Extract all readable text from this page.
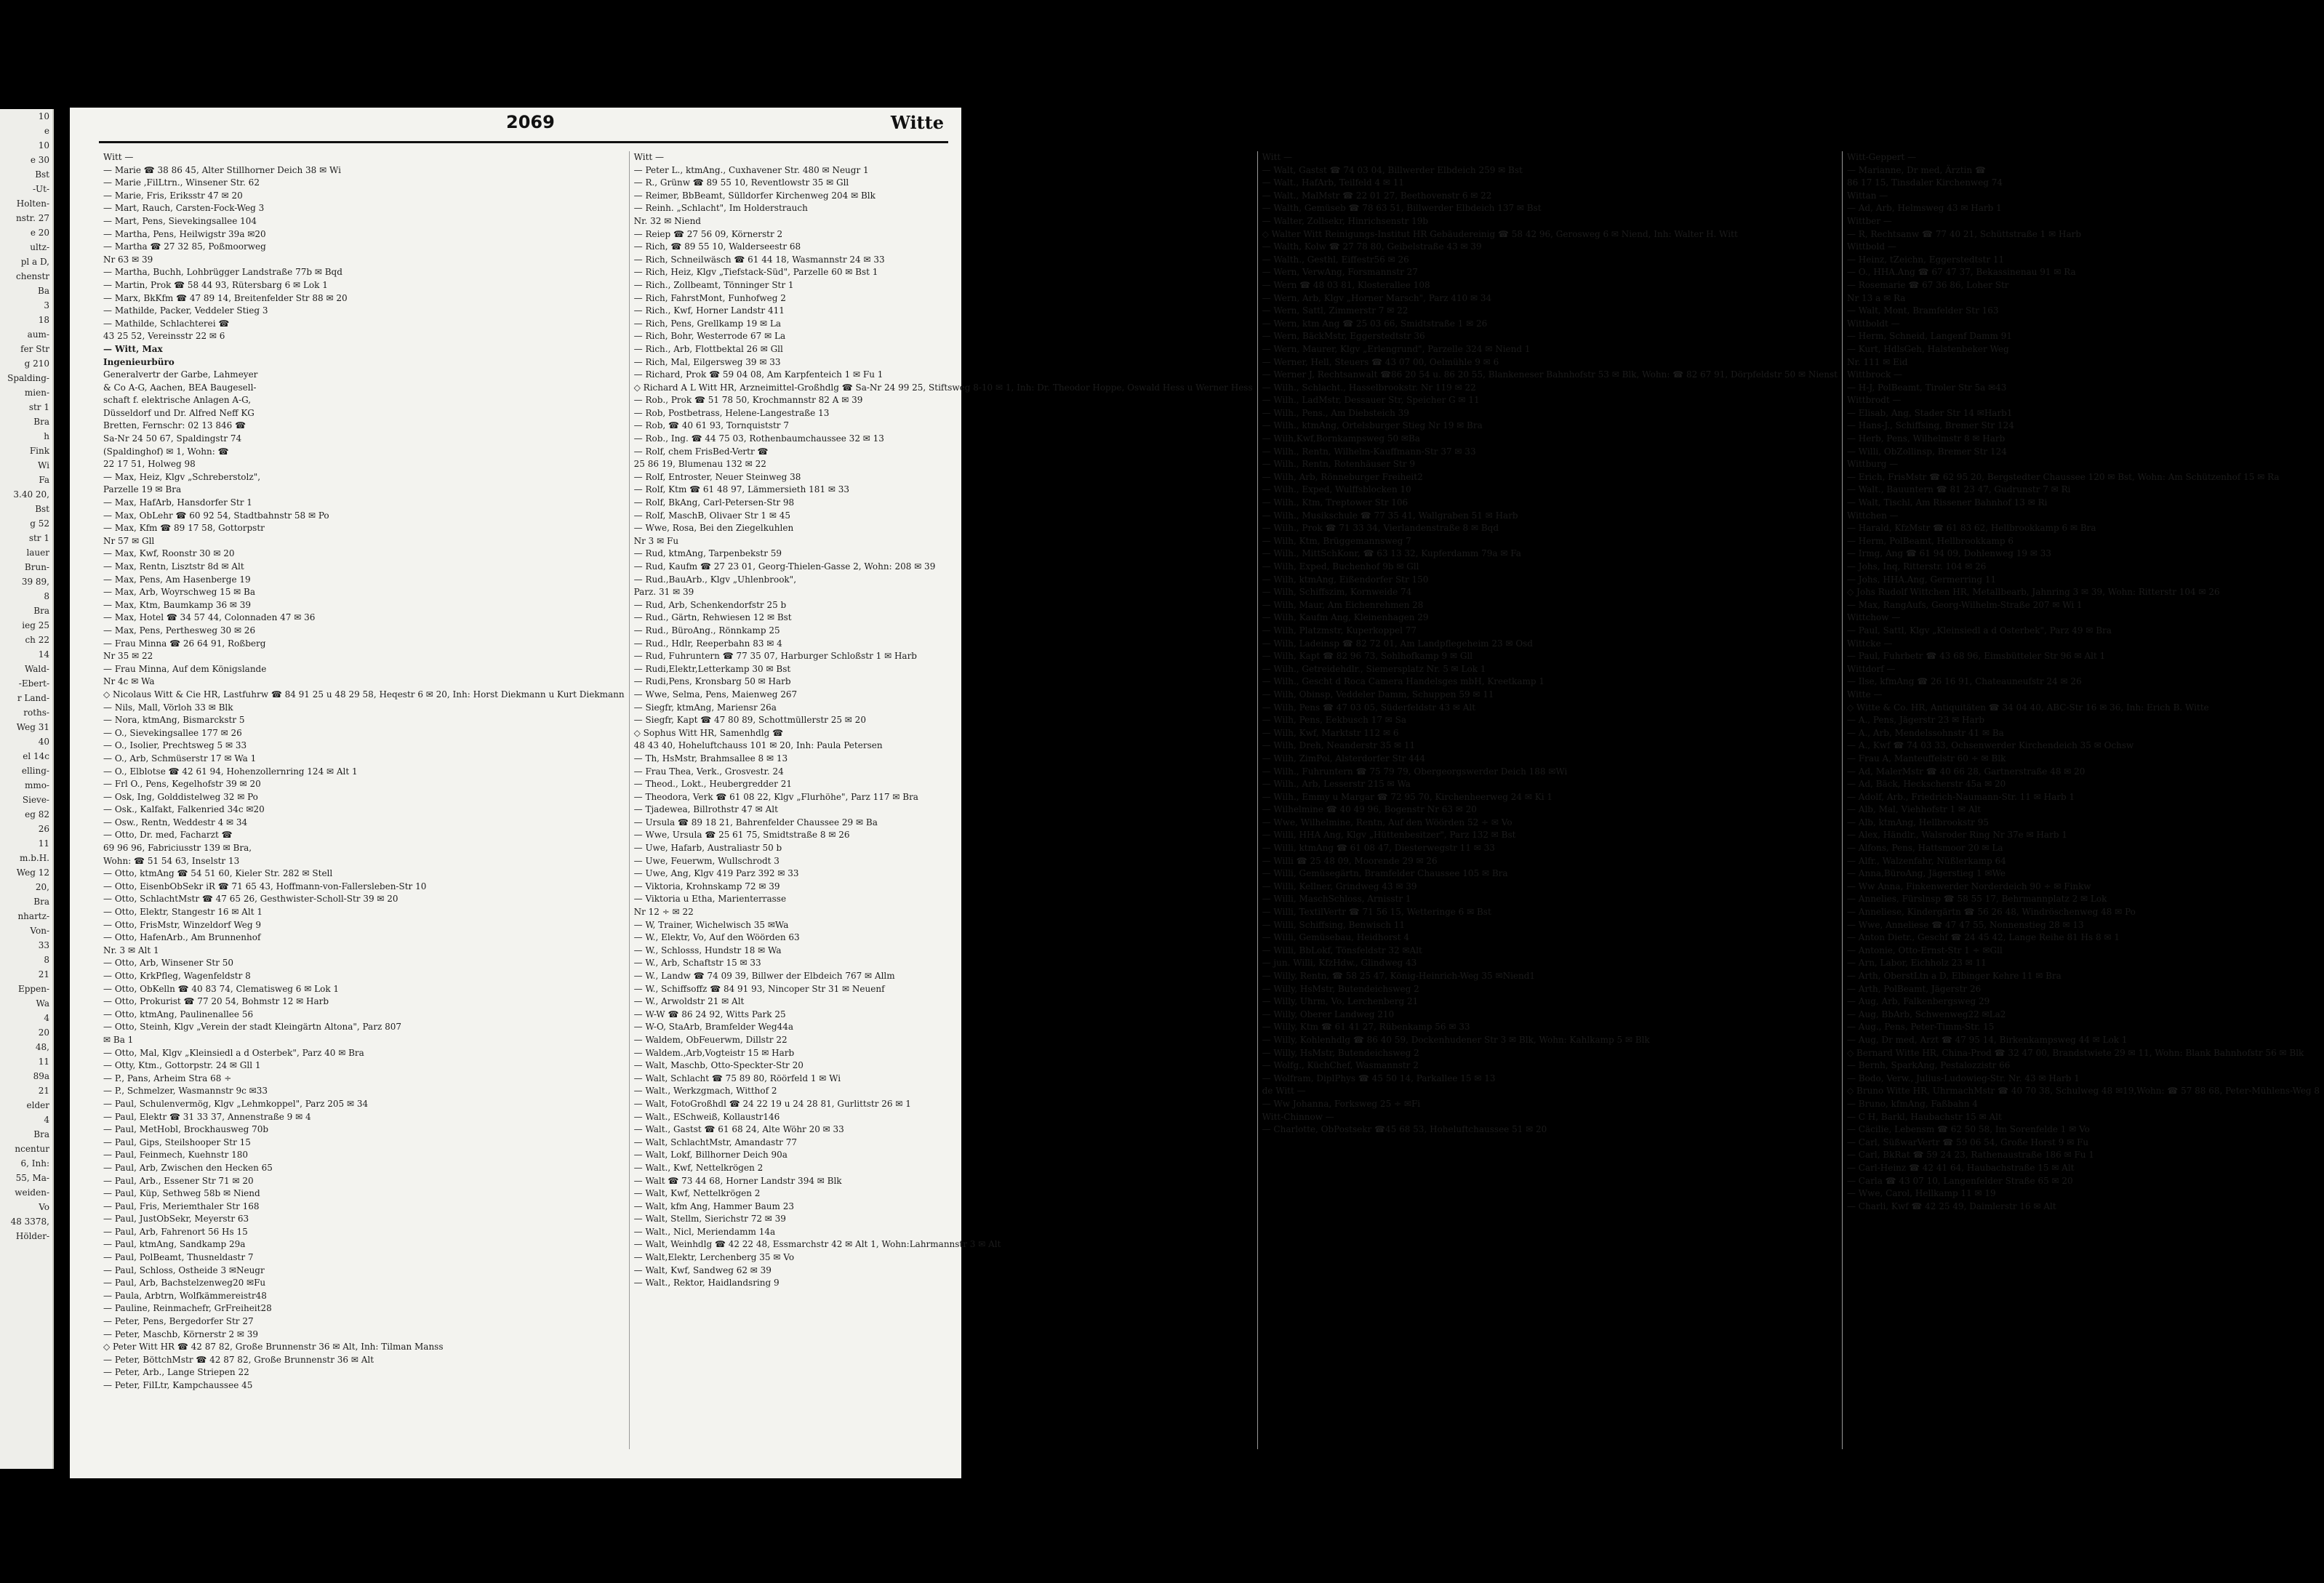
10
e
10
e 30
Bst
-Ut-
Holten-
nstr. 27
e 20
ultz-
pl a D,
chenstr
Ba
3
18
aum-
fer Str
g 210
Spalding-
mien-
str 1
Bra
h
Fink
Wi
Fa
3.40 20,
Bst
g 52
str 1
lauer
Brun-
39 89,
8
Bra
ieg 25
ch 22
14
Wald-
-Ebert-
r Land-
roths-
Weg 31
40
el 14c
elling-
mmo-
Sieve-
eg 82
26
11
m.b.H.
Weg 12
20,
Bra
nhartz-
Von-
33
8
21
Eppen-
Wa
4
20
48,
11
89a
21
elder
4
Bra
ncentur
6, Inh:
55, Ma-
weiden-
Vo
48 3378,
Hölder-
2069	Witte
Witt —
— Marie ☎ 38 86 45, Alter Stillhorner Deich 38 ✉ Wi
— Marie ,FilLtrn., Winsener Str. 62
— Marie, Fris, Eriksstr 47 ✉ 20
— Mart, Rauch, Carsten-Fock-Weg 3
— Mart, Pens, Sievekingsallee 104
— Martha, Pens, Heilwigstr 39a ✉20
— Martha ☎ 27 32 85, Poßmoorweg
Nr 63 ✉ 39
— Martha, Buchh, Lohbrügger Landstraße 77b ✉ Bqd
— Martin, Prok ☎ 58 44 93, Rütersbarg 6 ✉ Lok 1
— Marx, BkKfm ☎ 47 89 14, Breitenfelder Str 88 ✉ 20
— Mathilde, Packer, Veddeler Stieg 3
— Mathilde, Schlachterei ☎
43 25 52, Vereinsstr 22 ✉ 6
— Witt, Max
Ingenieurbüro
Generalvertr der Garbe, Lahmeyer
& Co A-G, Aachen, BEA Baugesell-
schaft f. elektrische Anlagen A-G,
Düsseldorf und Dr. Alfred Neff KG
Bretten, Fernschr: 02 13 846 ☎
Sa-Nr 24 50 67, Spaldingstr 74
(Spaldinghof) ✉ 1, Wohn: ☎
22 17 51, Holweg 98
— Max, Heiz, Klgv „Schreberstolz",
Parzelle 19 ✉ Bra
— Max, HafArb, Hansdorfer Str 1
— Max, ObLehr ☎ 60 92 54, Stadtbahnstr 58 ✉ Po
— Max, Kfm ☎ 89 17 58, Gottorpstr
Nr 57 ✉ Gll
— Max, Kwf, Roonstr 30 ✉ 20
— Max, Rentn, Lisztstr 8d ✉ Alt
— Max, Pens, Am Hasenberge 19
— Max, Arb, Woyrschweg 15 ✉ Ba
— Max, Ktm, Baumkamp 36 ✉ 39
— Max, Hotel ☎ 34 57 44, Colonnaden 47 ✉ 36
— Max, Pens, Perthesweg 30 ✉ 26
— Frau Minna ☎ 26 64 91, Roßberg
Nr 35 ✉ 22
— Frau Minna, Auf dem Königslande
Nr 4c ✉ Wa
◇ Nicolaus Witt & Cie HR, Lastfuhrw ☎ 84 91 25 u 48 29 58, Heqestr 6 ✉ 20, Inh: Horst Diekmann u Kurt Diekmann
— Nils, Mall, Vörloh 33 ✉ Blk
— Nora, ktmAng, Bismarckstr 5
— O., Sievekingsallee 177 ✉ 26
— O., Isolier, Prechtsweg 5 ✉ 33
— O., Arb, Schmüserstr 17 ✉ Wa 1
— O., Elblotse ☎ 42 61 94, Hohenzollernring 124 ✉ Alt 1
— Frl O., Pens, Kegelhofstr 39 ✉ 20
— Osk, Ing, Golddistelweg 32 ✉ Po
— Osk., Kalfakt, Falkenried 34c ✉20
— Osw., Rentn, Weddestr 4 ✉ 34
— Otto, Dr. med, Facharzt ☎
69 96 96, Fabriciusstr 139 ✉ Bra,
Wohn: ☎ 51 54 63, Inselstr 13
— Otto, ktmAng ☎ 54 51 60, Kieler Str. 282 ✉ Stell
— Otto, EisenbObSekr iR ☎ 71 65 43, Hoffmann-von-Fallersleben-Str 10
— Otto, SchlachtMstr ☎ 47 65 26, Gesthwister-Scholl-Str 39 ✉ 20
— Otto, Elektr, Stangestr 16 ✉ Alt 1
— Otto, FrisMstr, Winzeldorf Weg 9
— Otto, HafenArb., Am Brunnenhof
Nr. 3 ✉ Alt 1
— Otto, Arb, Winsener Str 50
— Otto, KrkPfleg, Wagenfeldstr 8
— Otto, ObKelln ☎ 40 83 74, Clematisweg 6 ✉ Lok 1
— Otto, Prokurist ☎ 77 20 54, Bohmstr 12 ✉ Harb
— Otto, ktmAng, Paulinenallee 56
— Otto, Steinh, Klgv „Verein der stadt Kleingärtn Altona", Parz 807
✉ Ba 1
— Otto, Mal, Klgv „Kleinsiedl a d Osterbek", Parz 40 ✉ Bra
— Otty, Ktm., Gottorpstr. 24 ✉ Gll 1
— P., Pans, Arheim Stra 68 ÷
— P., Schmelzer, Wasmannstr 9c ✉33
— Paul, Schulenvermög, Klgv „Lehmkoppel", Parz 205 ✉ 34
— Paul, Elektr ☎ 31 33 37, Annenstraße 9 ✉ 4
— Paul, MetHobl, Brockhausweg 70b
— Paul, Gips, Steilshooper Str 15
— Paul, Feinmech, Kuehnstr 180
— Paul, Arb, Zwischen den Hecken 65
— Paul, Arb., Essener Str 71 ✉ 20
— Paul, Küp, Sethweg 58b ✉ Niend
— Paul, Fris, Meriemthaler Str 168
— Paul, JustObSekr, Meyerstr 63
— Paul, Arb, Fahrenort 56 Hs 15
— Paul, ktmAng, Sandkamp 29a
— Paul, PolBeamt, Thusneldastr 7
— Paul, Schloss, Ostheide 3 ✉Neugr
— Paul, Arb, Bachstelzenweg20 ✉Fu
— Paula, Arbtrn, Wolfkämmereistr48
— Pauline, Reinmachefr, GrFreiheit28
— Peter, Pens, Bergedorfer Str 27
— Peter, Maschb, Körnerstr 2 ✉ 39
◇ Peter Witt HR ☎ 42 87 82, Große Brunnenstr 36 ✉ Alt, Inh: Tilman Manss
— Peter, BöttchMstr ☎ 42 87 82, Große Brunnenstr 36 ✉ Alt
— Peter, Arb., Lange Striepen 22
— Peter, FilLtr, Kampchaussee 45
Witt —
— Peter L., ktmAng., Cuxhavener Str. 480 ✉ Neugr 1
— R., Grünw ☎ 89 55 10, Reventlowstr 35 ✉ Gll
— Reimer, BbBeamt, Sülldorfer Kirchenweg 204 ✉ Blk
— Reinh. „Schlacht", Im Holderstrauch
Nr. 32 ✉ Niend
— Reiep ☎ 27 56 09, Körnerstr 2
— Rich, ☎ 89 55 10, Walderseestr 68
— Rich, Schneilwäsch ☎ 61 44 18, Wasmannstr 24 ✉ 33
— Rich, Heiz, Klgv „Tiefstack-Süd", Parzelle 60 ✉ Bst 1
— Rich., Zollbeamt, Tönninger Str 1
— Rich, FahrstMont, Funhofweg 2
— Rich., Kwf, Horner Landstr 411
— Rich, Pens, Grellkamp 19 ✉ La
— Rich, Bohr, Westerrode 67 ✉ La
— Rich., Arb, Flottbektal 26 ✉ Gll
— Rich, Mal, Eilgersweg 39 ✉ 33
— Richard, Prok ☎ 59 04 08, Am Karpfenteich 1 ✉ Fu 1
◇ Richard A L Witt HR, Arzneimittel-Großhdlg ☎ Sa-Nr 24 99 25, Stiftsweg 8-10 ✉ 1, Inh: Dr. Theodor Hoppe, Oswald Hess u Werner Hess
— Rob., Prok ☎ 51 78 50, Krochmannstr 82 A ✉ 39
— Rob, Postbetrass, Helene-Langestraße 13
— Rob, ☎ 40 61 93, Tornquiststr 7
— Rob., Ing. ☎ 44 75 03, Rothenbaumchaussee 32 ✉ 13
— Rolf, chem FrisBed-Vertr ☎
25 86 19, Blumenau 132 ✉ 22
— Rolf, Entroster, Neuer Steinweg 38
— Rolf, Ktm ☎ 61 48 97, Lämmersieth 181 ✉ 33
— Rolf, BkAng, Carl-Petersen-Str 98
— Rolf, MaschB, Olivaer Str 1 ✉ 45
— Wwe, Rosa, Bei den Ziegelkuhlen
Nr 3 ✉ Fu
— Rud, ktmAng, Tarpenbekstr 59
— Rud, Kaufm ☎ 27 23 01, Georg-Thielen-Gasse 2, Wohn: 208 ✉ 39
— Rud.,BauArb., Klgv „Uhlenbrook",
Parz. 31 ✉ 39
— Rud, Arb, Schenkendorfstr 25 b
— Rud., Gärtn, Rehwiesen 12 ✉ Bst
— Rud., BüroAng., Rönnkamp 25
— Rud., Hdlr, Reeperbahn 83 ✉ 4
— Rud, Fuhruntern ☎ 77 35 07, Harburger Schloßstr 1 ✉ Harb
— Rudi,Elektr,Letterkamp 30 ✉ Bst
— Rudi,Pens, Kronsbarg 50 ✉ Harb
— Wwe, Selma, Pens, Maienweg 267
— Siegfr, ktmAng, Mariensr 26a
— Siegfr, Kapt ☎ 47 80 89, Schottmüllerstr 25 ✉ 20
◇ Sophus Witt HR, Samenhdlg ☎
48 43 40, Hoheluftchauss 101 ✉ 20, Inh: Paula Petersen
— Th, HsMstr, Brahmsallee 8 ✉ 13
— Frau Thea, Verk., Grosvestr. 24
— Theod., Lokt., Heubergredder 21
— Theodora, Verk ☎ 61 08 22, Klgv „Flurhöhe", Parz 117 ✉ Bra
— Tjadewea, Billrothstr 47 ✉ Alt
— Ursula ☎ 89 18 21, Bahrenfelder Chaussee 29 ✉ Ba
— Wwe, Ursula ☎ 25 61 75, Smidtstraße 8 ✉ 26
— Uwe, Hafarb, Australiastr 50 b
— Uwe, Feuerwm, Wullschrodt 3
— Uwe, Ang, Klgv 419 Parz 392 ✉ 33
— Viktoria, Krohnskamp 72 ✉ 39
— Viktoria u Etha, Marienterrasse
Nr 12 ÷ ✉ 22
— W, Trainer, Wichelwisch 35 ✉Wa
— W., Elektr, Vo, Auf den Wöörden 63
— W., Schlosss, Hundstr 18 ✉ Wa
— W., Arb, Schaftstr 15 ✉ 33
— W., Landw ☎ 74 09 39, Billwer der Elbdeich 767 ✉ Allm
— W., Schiffsoffz ☎ 84 91 93, Nincoper Str 31 ✉ Neuenf
— W., Arwoldstr 21 ✉ Alt
— W-W ☎ 86 24 92, Witts Park 25
— W-O, StaArb, Bramfelder Weg44a
— Waldem, ObFeuerwm, Dillstr 22
— Waldem.,Arb,Vogteistr 15 ✉ Harb
— Walt, Maschb, Otto-Speckter-Str 20
— Walt, Schlacht ☎ 75 89 80, Röörfeld 1 ✉ Wi
— Walt., Werkzgmach, Witthof 2
— Walt, FotoGroßhdl ☎ 24 22 19 u 24 28 81, Gurlittstr 26 ✉ 1
— Walt., ESchweiß, Kollaustr146
— Walt., Gastst ☎ 61 68 24, Alte Wöhr 20 ✉ 33
— Walt, SchlachtMstr, Amandastr 77
— Walt, Lokf, Billhorner Deich 90a
— Walt., Kwf, Nettelkrögen 2
— Walt ☎ 73 44 68, Horner Landstr 394 ✉ Blk
— Walt, Kwf, Nettelkrögen 2
— Walt, kfm Ang, Hammer Baum 23
— Walt, Stellm, Sierichstr 72 ✉ 39
— Walt., Nicl, Meriendamm 14a
— Walt, Weinhdlg ☎ 42 22 48, Essmarchstr 42 ✉ Alt 1, Wohn:Lahrmannstr 3 ✉ Alt
— Walt,Elektr, Lerchenberg 35 ✉ Vo
— Walt, Kwf, Sandweg 62 ✉ 39
— Walt., Rektor, Haidlandsring 9
Witt —
— Walt, Gastst ☎ 74 03 04, Billwerder Elbdeich 259 ✉ Bst
— Walt., HafArb, Teilfeld 4 ✉ 11
— Walt., MalMstr ☎ 22 01 27, Beethovenstr 6 ✉ 22
— Walth, Gemüseb ☎ 78 63 51, Billwerder Elbdeich 137 ✉ Bst
— Walter, Zollsekr, Hinrichsenstr 19b
◇ Walter Witt Reinigungs-Institut HR Gebäudereinig ☎ 58 42 96, Gerosweg 6 ✉ Niend, Inh: Walter H. Witt
— Walth, Kolw ☎ 27 78 80, Geibelstraße 43 ✉ 39
— Walth., Gesthl, Eiffestr56 ✉ 26
— Wern, VerwAng, Forsmannstr 27
— Wern ☎ 48 03 81, Klosterallee 108
— Wern, Arb, Klgv „Horner Marsch", Parz 410 ✉ 34
— Wern, Sattl, Zimmerstr 7 ✉ 22
— Wern, ktm Ang ☎ 25 03 66, Smidtstraße 1 ✉ 26
— Wern, BäckMstr, Eggerstedtstr 36
— Wern, Maurer, Klgv „Erlengrund", Parzelle 324 ✉ Niend 1
— Werner, Hell, Steuers ☎ 43 07 00, Oelmühle 9 ✉ 6
— Werner J, Rechtsanwalt ☎86 20 54 u. 86 20 55, Blankeneser Bahnhofstr 53 ✉ Blk, Wohn: ☎ 82 67 91, Dörpfeldstr 50 ✉ Nienst
— Wilh., Schlacht., Hasselbrookstr. Nr 119 ✉ 22
— Wilh., LadMstr, Dessauer Str, Speicher G ✉ 11
— Wilh., Pens., Am Diebsteich 39
— Wilh., ktmAng, Ortelsburger Stieg Nr 19 ✉ Bra
— Wilh,Kwf,Bornkampsweg 50 ✉Ba
— Wilh., Rentn, Wilhelm-Kauffmann-Str 37 ✉ 33
— Wilh., Rentn, Rotenhäuser Str 9
— Wilh, Arb, Rönneburger Freiheit2
— Wilh., Exped, Wulffsblocken 10
— Wilh., Ktm, Treptower Str 106
— Wilh., Musikschule ☎ 77 35 41, Wallgraben 51 ✉ Harb
— Wilh., Prok ☎ 71 33 34, Vierlandenstraße 8 ✉ Bqd
— Wilh, Ktm, Brüggemannsweg 7
— Wilh., MittSchKonr, ☎ 63 13 32, Kupferdamm 79a ✉ Fa
— Wilh, Exped, Buchenhof 9b ✉ Gll
— Wilh, ktmAng, Eißendorfer Str 150
— Wilh, Schiffszim, Kornweide 74
— Wilh, Maur, Am Eichenrehmen 28
— Wilh, Kaufm Ang, Kleinenhagen 29
— Wilh, Platzmstr, Kuperkoppel 77
— Wilh, Ladeinsp ☎ 82 72 01, Am Landpflegeheim 23 ✉ Osd
— Wilh, Kapt ☎ 82 96 73, Sohlhofkamp 9 ✉ Gll
— Wilh., Getreidehdlr., Siemersplatz Nr. 5 ✉ Lok 1
— Wilh., Gescht d Roca Camera Handelsges mbH, Kreetkamp 1
— Wilh, Obinsp, Veddeler Damm, Schuppen 59 ✉ 11
— Wilh, Pens ☎ 47 03 05, Süderfeldstr 43 ✉ Alt
— Wilh, Pens, Eekbusch 17 ✉ Sa
— Wilh, Kwf, Marktstr 112 ✉ 6
— Wilh, Dreh, Neanderstr 35 ✉ 11
— Wilh, ZimPol, Alsterdorfer Str 444
— Wilh., Fuhruntern ☎ 75 79 79, Obergeorgswerder Deich 188 ✉Wi
— Wilh., Arb, Lesserstr 215 ✉ Wa
— Wilh., Emmy u Margar ☎ 72 95 70, Kirchenheerweg 24 ✉ Ki 1
— Wilhelmine ☎ 40 49 96, Bogenstr Nr 63 ✉ 20
— Wwe, Wilhelmine, Rentn, Auf den Wöörden 52 ÷ ✉ Vo
— Willi, HHA Ang, Klgv „Hüttenbesitzer", Parz 132 ✉ Bst
— Willi, ktmAng ☎ 61 08 47, Diesterwegstr 11 ✉ 33
— Willi ☎ 25 48 09, Moorende 29 ✉ 26
— Willi, Gemüsegärtn, Bramfelder Chaussee 105 ✉ Bra
— Willi, Kellner, Grindweg 43 ✉ 39
— Willi, MaschSchloss, Arnisstr 1
— Willi, TextilVertr ☎ 71 56 15, Wetteringe 6 ✉ Bst
— Willi, Schiffsing, Benwisch 11
— Willi, Gemüsebau, Heidhorst 4
— Willi, BbLokf, Tönsfeldstr 32 ✉Alt
— jun. Willi, KfzHdw., Glindweg 43
— Willy, Rentn, ☎ 58 25 47, König-Heinrich-Weg 35 ✉Niend1
— Willy, HsMstr, Butendeichsweg 2
— Willy, Uhrm, Vo, Lerchenberg 21
— Willy, Oberer Landweg 210
— Willy, Ktm ☎ 61 41 27, Rübenkamp 56 ✉ 33
— Willy, Kohlenhdlg ☎ 86 40 59, Dockenhudener Str 3 ✉ Blk, Wohn: Kahlkamp 5 ✉ Blk
— Willy, HsMstr, Butendeichsweg 2
— Wolfg., KüchChef, Wasmannstr 2
— Wolfram, DiplPhys ☎ 45 50 14, Parkallee 15 ✉ 13
de Witt —
— Ww Johanna, Forksweg 25 ÷ ✉Fi
Witt-Chinnow —
— Charlotte, ObPostsekr ☎45 68 53, Hoheluftchaussee 51 ✉ 20
Witt-Geppert —
— Marianne, Dr med, Ärztin ☎
86 17 15, Tinsdaler Kirchenweg 74
Wittan —
— Ad, Arb, Helmsweg 43 ✉ Harb 1
Wittber —
— R, Rechtsanw ☎ 77 40 21, Schüttstraße 1 ✉ Harb
Wittbold —
— Heinz, tZeichn, Eggerstedtstr 11
— O., HHA.Ang ☎ 67 47 37, Bekassinenau 91 ✉ Ra
— Rosemarie ☎ 67 36 86, Loher Str
Nr 13 a ✉ Ra
— Walt, Mont, Bramfelder Str 163
Wittboldt —
— Herm, Schneid, Langenf Damm 91
— Kurt, HdlsGeh, Halstenbeker Weg
Nr. 111 ✉ Eid
Wittbrock —
— H-J, PolBeamt, Tiroler Str 5a ✉43
Wittbrodt —
— Elisab, Ang, Stader Str 14 ✉Harb1
— Hans-J., Schiffsing, Bremer Str 124
— Herb, Pens, Wilhelmstr 8 ✉ Harb
— Willi, ObZollinsp, Bremer Str 124
Wittburg —
— Erich, FrisMstr ☎ 62 95 20, Bergstedter Chaussee 120 ✉ Bst, Wohn: Am Schützenhof 15 ✉ Ra
— Walt., Bauuntern ☎ 81 23 47, Gudrunstr 7 ✉ Ri
— Walt, Tischl, Am Rissener Bahnhof 13 ✉ Ri
Wittchen —
— Harald, KfzMstr ☎ 61 83 62, Hellbrookkamp 6 ✉ Bra
— Herm, PolBeamt, Hellbrookkamp 6
— Irmg, Ang ☎ 61 94 09, Dohlenweg 19 ✉ 33
— Johs, Inq, Ritterstr. 104 ✉ 26
— Johs, HHA.Ang, Germerring 11
◇ Johs Rudolf Wittchen HR, Metallbearb, Jahnring 3 ✉ 39, Wohn: Ritterstr 104 ✉ 26
— Max, RangAufs, Georg-Wilhelm-Straße 207 ✉ Wi 1
Wittchow —
— Paul, Sattl, Klgv „Kleinsiedl a d Osterbek", Parz 49 ✉ Bra
Wittcke —
— Paul, Fuhrbetr ☎ 43 68 96, Eimsbütteler Str 96 ✉ Alt 1
Wittdorf —
— Ilse, kfmAng ☎ 26 16 91, Chateauneufstr 24 ✉ 26
Witte —
◇ Witte & Co. HR, Antiquitäten ☎ 34 04 40, ABC-Str 16 ✉ 36, Inh: Erich B. Witte
— A., Pens, Jägerstr 23 ✉ Harb
— A., Arb, Mendelssohnstr 41 ✉ Ba
— A., Kwf ☎ 74 03 33, Ochsenwerder Kirchendeich 35 ✉ Ochsw
— Frau A, Manteuffelstr 60 ÷ ✉ Blk
— Ad, MalerMstr ☎ 40 66 28, Gartnerstraße 48 ✉ 20
— Ad, Bäck, Heckscherstr 45a ✉ 20
— Adolf, Arb., Friedrich-Naumann-Str. 11 ✉ Harb 1
— Alb, Mal, Viehhofstr 1 ✉ Alt
— Alb, ktmAng, Hellbrookstr 95
— Alex, Händlr., Walsroder Ring Nr 37e ✉ Harb 1
— Alfons, Pens, Hattsmoor 20 ✉ La
— Alfr., Walzenfahr, Nüßlerkamp 64
— Anna,BüroAng, Jägerstieg 1 ✉We
— Ww Anna, Finkenwerder Norderdeich 90 ÷ ✉ Finkw
— Annelies, Fürslnsp ☎ 58 55 17, Behrmannplatz 2 ✉ Lok
— Anneliese, Kindergärtn ☎ 56 26 48, Windröschenweg 48 ✉ Po
— Wwe, Anneliese ☎ 47 47 55, Nonnenstieg 28 ✉ 13
— Anton Dietr., Geschf ☎ 24 45 42, Lange Reihe 81 Hs 8 ✉ 1
— Antonie, Otto-Ernst-Str 1 ÷ ✉Gll
— Arn, Labor, Eichholz 23 ✉ 11
— Arth, OberstLtn a D, Elbinger Kehre 11 ✉ Bra
— Arth, PolBeamt, Jägerstr 26
— Aug, Arb, Falkenbergsweg 29
— Aug, BbArb, Schwenweg22 ✉La2
— Aug., Pens, Peter-Timm-Str. 15
— Aug, Dr med, Arzt ☎ 47 95 14, Birkenkampsweg 44 ✉ Lok 1
◇ Bernard Witte HR, China-Prod ☎ 32 47 00, Brandstwiete 29 ✉ 11, Wohn: Blank Bahnhofstr 56 ✉ Blk
— Bernh, SparkAng, Pestalozzistr 66
— Bodo, Verw., Julius-Ludowieg-Str. Nr. 43 ✉ Harb 1
◇ Bruno Witte HR, UhrmachMstr ☎ 40 70 38, Schulweg 48 ✉19,Wohn: ☎ 57 88 68, Peter-Mühlens-Weg 8
— Bruno, kfmAng, Faßbahn 4
— C H, Barkl, Haubachstr 15 ✉ Alt
— Cäcilie, Lebensm ☎ 62 50 58, Im Sorenfelde 1 ✉ Vo
— Carl, SüßwarVertr ☎ 59 06 54, Große Horst 9 ✉ Fu
— Carl, BkRat ☎ 59 24 23, Rathenaustraße 186 ✉ Fu 1
— Carl-Heinz ☎ 42 41 64, Haubachstraße 15 ✉ Alt
— Carla ☎ 43 07 10, Langenfelder Straße 65 ✉ 20
— Wwe, Carol, Hellkamp 11 ✉ 19
— Charli, Kwf ☎ 42 25 49, Daimlerstr 16 ✉ Alt
